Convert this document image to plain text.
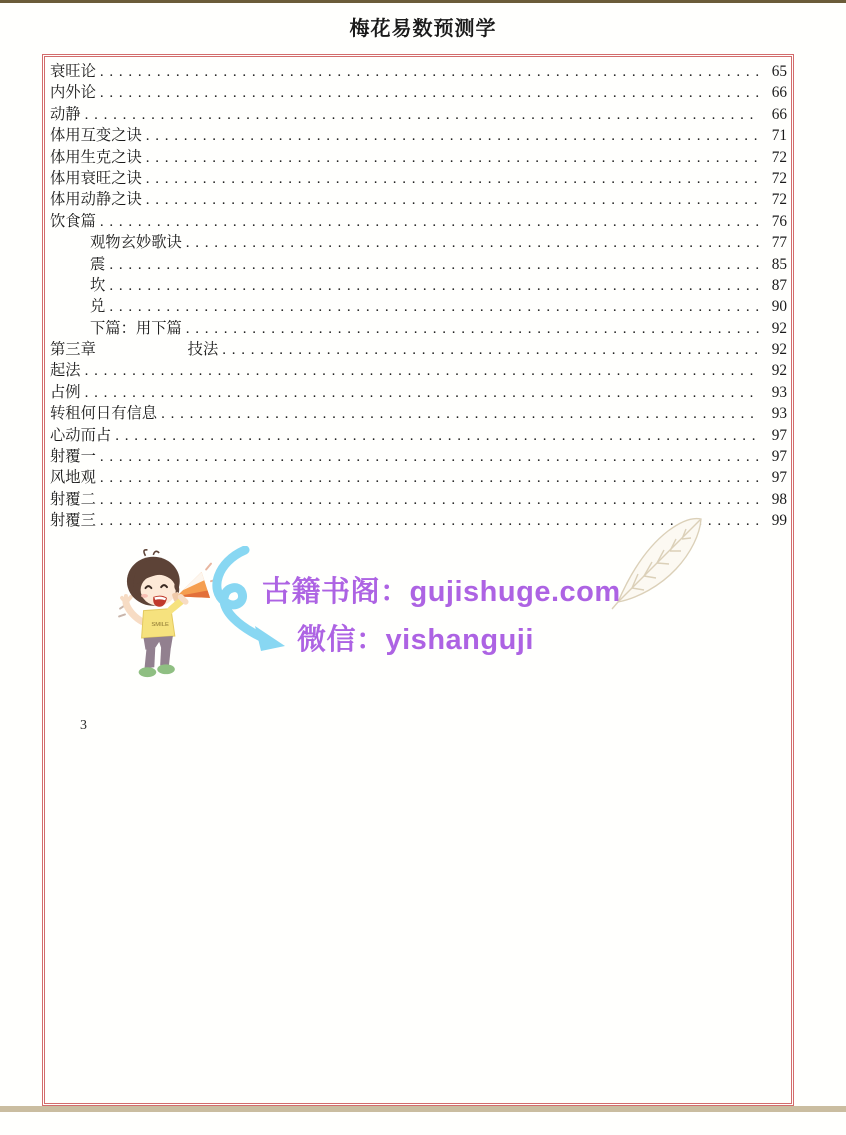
梅花易数预测学
衰旺论 . . .	65
内外论 . . .	66
动静 . . .	66
体用互变之诀 . . .	71
体用生克之诀 . . .	72
体用衰旺之诀 . . .	72
体用动静之诀 . . .	72
饮食篇 . . .	76
观物玄妙歌诀 . . .	77
震 . . .	85
坎 . . .	87
兑 . . .	90
下篇：用下篇 . . .	92
第三章　　　　　　技法 . . .	92
起法 . . .	92
占例 . . .	93
转租何日有信息 . . .	93
心动而占 . . .	97
射覆一 . . .	97
风地观 . . .	97
射覆二 . . .	98
射覆三 . . .	99
SMILE
古籍书阁：gujishuge.com
微信：yishanguji
3
